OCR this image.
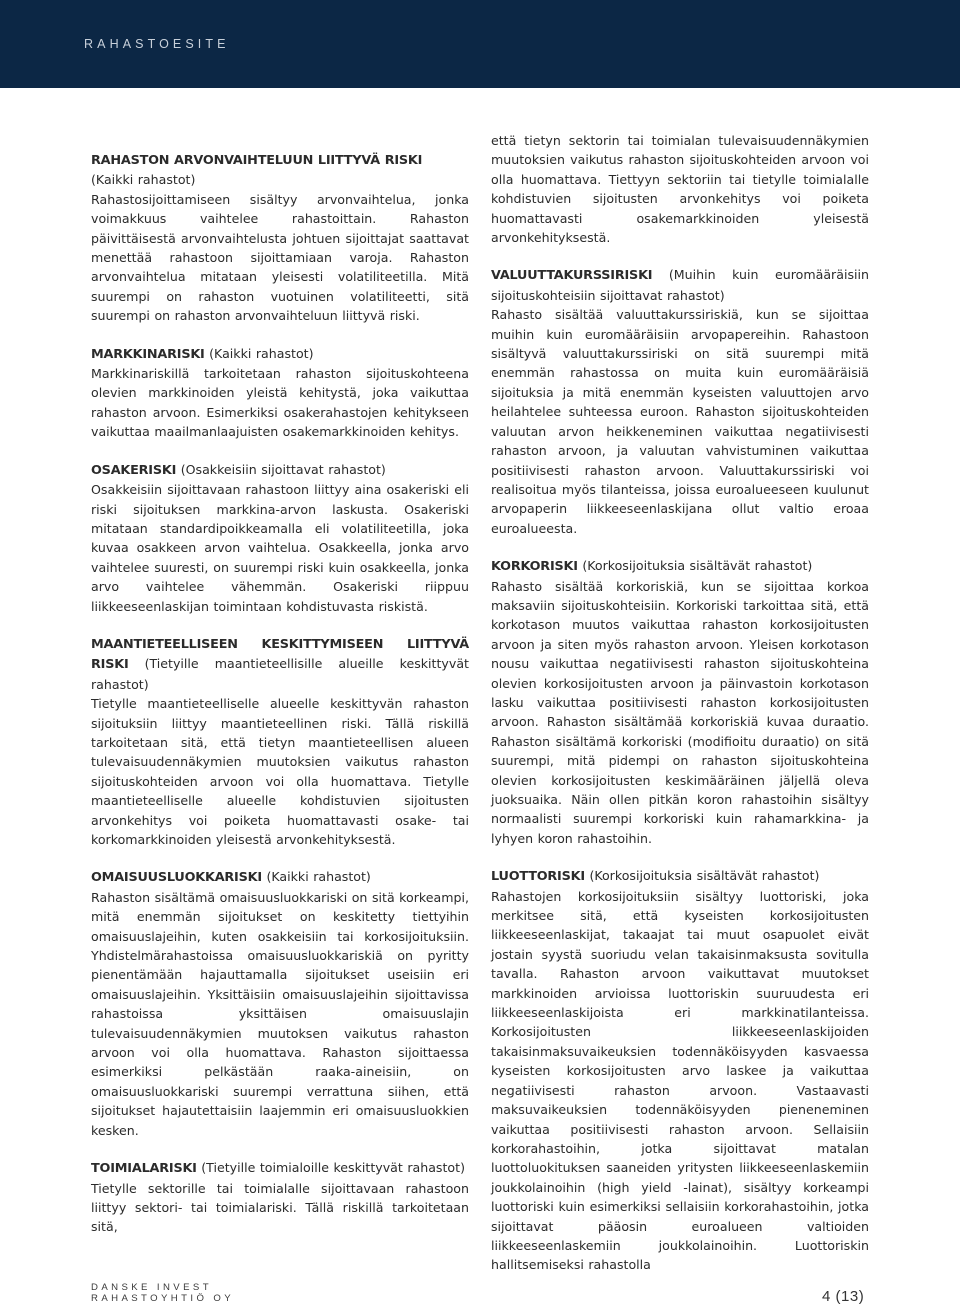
RAHASTOESITE
RAHASTON ARVONVAIHTELUUN LIITTYVÄ RISKI
(Kaikki rahastot)
Rahastosijoittamiseen sisältyy arvonvaihtelua, jonka voimakkuus vaihtelee rahastoittain. Rahaston päivittäisestä arvonvaihtelusta johtuen sijoittajat saattavat menettää rahastoon sijoittamiaan varoja. Rahaston arvonvaihtelua mitataan yleisesti volatiliteetilla. Mitä suurempi on rahaston vuotuinen volatiliteetti, sitä suurempi on rahaston arvonvaihteluun liittyvä riski.
MARKKINARISKI (Kaikki rahastot)
Markkinariskillä tarkoitetaan rahaston sijoituskohteena olevien markkinoiden yleistä kehitystä, joka vaikuttaa rahaston arvoon. Esimerkiksi osakerahastojen kehitykseen vaikuttaa maailmanlaajuisten osakemarkkinoiden kehitys.
OSAKERISKI (Osakkeisiin sijoittavat rahastot)
Osakkeisiin sijoittavaan rahastoon liittyy aina osakeriski eli riski sijoituksen markkina-arvon laskusta. Osakeriski mitataan standardipoikkeamalla eli volatiliteetilla, joka kuvaa osakkeen arvon vaihtelua. Osakkeella, jonka arvo vaihtelee suuresti, on suurempi riski kuin osakkeella, jonka arvo vaihtelee vähemmän. Osakeriski riippuu liikkeeseenlaskijan toimintaan kohdistuvasta riskistä.
MAANTIETEELLISEEN KESKITTYMISEEN LIITTYVÄ RISKI (Tietyille maantieteellisille alueille keskittyvät rahastot)
Tietylle maantieteelliselle alueelle keskittyvän rahaston sijoituksiin liittyy maantieteellinen riski. Tällä riskillä tarkoitetaan sitä, että tietyn maantieteellisen alueen tulevaisuudennäkymien muutoksien vaikutus rahaston sijoituskohteiden arvoon voi olla huomattava. Tietylle maantieteelliselle alueelle kohdistuvien sijoitusten arvonkehitys voi poiketa huomattavasti osake- tai korkomarkkinoiden yleisestä arvonkehityksestä.
OMAISUUSLUOKKARISKI (Kaikki rahastot)
Rahaston sisältämä omaisuusluokkariski on sitä korkeampi, mitä enemmän sijoitukset on keskitetty tiettyihin omaisuuslajeihin, kuten osakkeisiin tai korkosijoituksiin. Yhdistelmärahastoissa omaisuusluokkariskiä on pyritty pienentämään hajauttamalla sijoitukset useisiin eri omaisuuslajeihin. Yksittäisiin omaisuuslajeihin sijoittavissa rahastoissa yksittäisen omaisuuslajin tulevaisuudennäkymien muutoksen vaikutus rahaston arvoon voi olla huomattava. Rahaston sijoittaessa esimerkiksi pelkästään raaka-aineisiin, on omaisuusluokkariski suurempi verrattuna siihen, että sijoitukset hajautettaisiin laajemmin eri omaisuusluokkien kesken.
TOIMIALARISKI (Tietyille toimialoille keskittyvät rahastot)
Tietylle sektorille tai toimialalle sijoittavaan rahastoon liittyy sektori- tai toimialariski. Tällä riskillä tarkoitetaan sitä,
että tietyn sektorin tai toimialan tulevaisuudennäkymien muutoksien vaikutus rahaston sijoituskohteiden arvoon voi olla huomattava. Tiettyyn sektoriin tai tietylle toimialalle kohdistuvien sijoitusten arvonkehitys voi poiketa huomattavasti osakemarkkinoiden yleisestä arvonkehityksestä.
VALUUTTAKURSSIRISKI (Muihin kuin euromääräisiin sijoituskohteisiin sijoittavat rahastot)
Rahasto sisältää valuuttakurssiriskiä, kun se sijoittaa muihin kuin euromääräisiin arvopapereihin. Rahastoon sisältyvä valuuttakurssiriski on sitä suurempi mitä enemmän rahastossa on muita kuin euromääräisiä sijoituksia ja mitä enemmän kyseisten valuuttojen arvo heilahtelee suhteessa euroon. Rahaston sijoituskohteiden valuutan arvon heikkeneminen vaikuttaa negatiivisesti rahaston arvoon, ja valuutan vahvistuminen vaikuttaa positiivisesti rahaston arvoon. Valuuttakurssiriski voi realisoitua myös tilanteissa, joissa euroalueeseen kuulunut arvopaperin liikkeeseenlaskijana ollut valtio eroaa euroalueesta.
KORKORISKI (Korkosijoituksia sisältävät rahastot)
Rahasto sisältää korkoriskiä, kun se sijoittaa korkoa maksaviin sijoituskohteisiin. Korkoriski tarkoittaa sitä, että korkotason muutos vaikuttaa rahaston korkosijoitusten arvoon ja siten myös rahaston arvoon. Yleisen korkotason nousu vaikuttaa negatiivisesti rahaston sijoituskohteina olevien korkosijoitusten arvoon ja päinvastoin korkotason lasku vaikuttaa positiivisesti rahaston korkosijoitusten arvoon. Rahaston sisältämää korkoriskiä kuvaa duraatio. Rahaston sisältämä korkoriski (modifioitu duraatio) on sitä suurempi, mitä pidempi on rahaston sijoituskohteina olevien korkosijoitusten keskimääräinen jäljellä oleva juoksuaika. Näin ollen pitkän koron rahastoihin sisältyy normaalisti suurempi korkoriski kuin rahamarkkina- ja lyhyen koron rahastoihin.
LUOTTORISKI (Korkosijoituksia sisältävät rahastot)
Rahastojen korkosijoituksiin sisältyy luottoriski, joka merkitsee sitä, että kyseisten korkosijoitusten liikkeeseenlaskijat, takaajat tai muut osapuolet eivät jostain syystä suoriudu velan takaisinmaksusta sovitulla tavalla. Rahaston arvoon vaikuttavat muutokset markkinoiden arvioissa luottoriskin suuruudesta eri liikkeeseenlaskijoista eri markkinatilanteissa. Korkosijoitusten liikkeeseenlaskijoiden takaisinmaksuvaikeuksien todennäköisyyden kasvaessa kyseisten korkosijoitusten arvo laskee ja vaikuttaa negatiivisesti rahaston arvoon. Vastaavasti maksuvaikeuksien todennäköisyyden pieneneminen vaikuttaa positiivisesti rahaston arvoon. Sellaisiin korkorahastoihin, jotka sijoittavat matalan luottoluokituksen saaneiden yritysten liikkeeseenlaskemiin joukkolainoihin (high yield -lainat), sisältyy korkeampi luottoriski kuin esimerkiksi sellaisiin korkorahastoihin, jotka sijoittavat pääosin euroalueen valtioiden liikkeeseenlaskemiin joukkolainoihin. Luottoriskin hallitsemiseksi rahastolla
DANSKE INVEST
RAHASTOYHTIÖ OY	4 (13)
